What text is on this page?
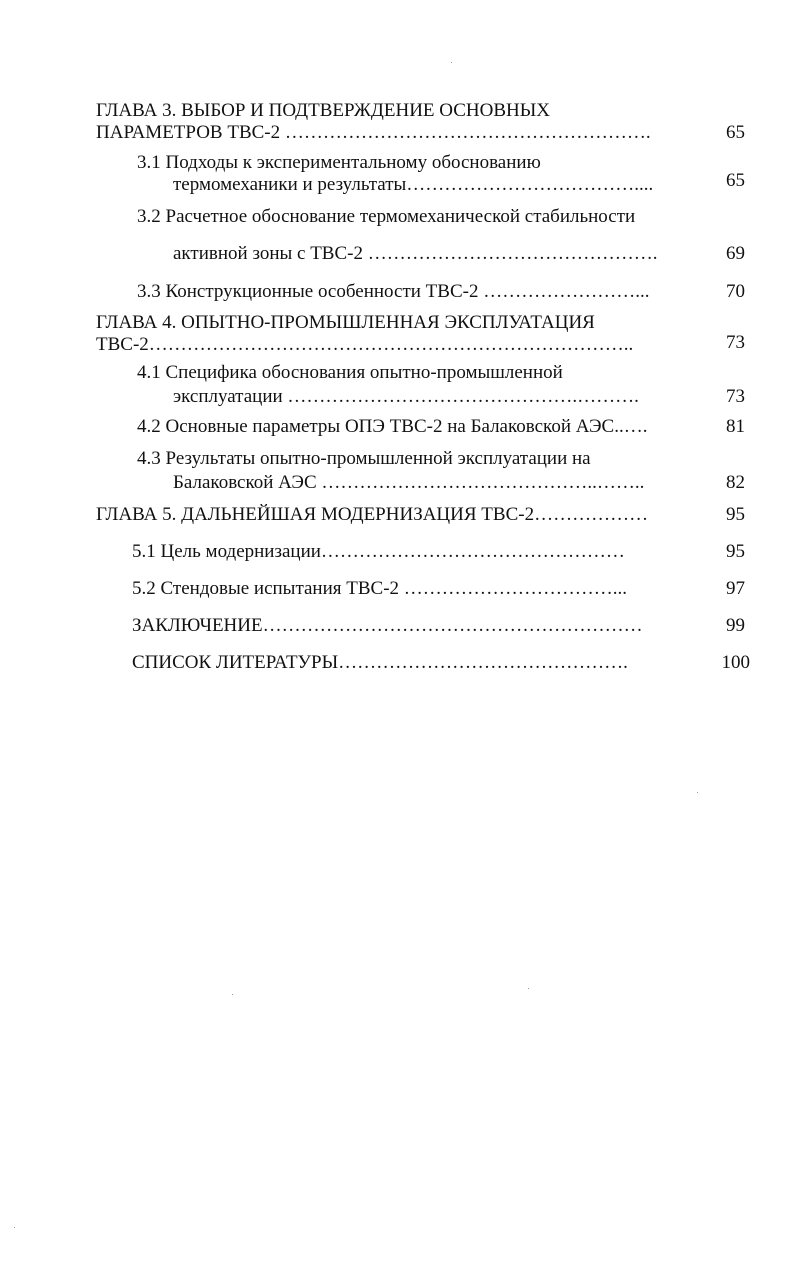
ГЛАВА 3. ВЫБОР И ПОДТВЕРЖДЕНИЕ ОСНОВНЫХ
ПАРАМЕТРОВ ТВС-2 ………………………………………………….	65
3.1 Подходы к экспериментальному обоснованию
термомеханики и результаты………………………………....	65
3.2 Расчетное обоснование термомеханической стабильности
активной зоны с ТВС-2 ……………………………………….	69
3.3 Конструкционные особенности ТВС-2 ……………………...	70
ГЛАВА 4. ОПЫТНО-ПРОМЫШЛЕННАЯ ЭКСПЛУАТАЦИЯ
ТВС-2…………………………………………………………………..	73
4.1 Специфика обоснования опытно-промышленной
эксплуатации ……………………………………….……….	73
4.2 Основные параметры ОПЭ ТВС-2 на Балаковской АЭС..….	81
4.3 Результаты опытно-промышленной эксплуатации на
Балаковской АЭС ……………………………………..……..	82
ГЛАВА 5. ДАЛЬНЕЙШАЯ МОДЕРНИЗАЦИЯ ТВС-2………………	95
5.1 Цель модернизации…………………………………………	95
5.2 Стендовые испытания ТВС-2 ……………………………...	97
ЗАКЛЮЧЕНИЕ……………………………………………………	99
СПИСОК ЛИТЕРАТУРЫ……………………………………….	100
